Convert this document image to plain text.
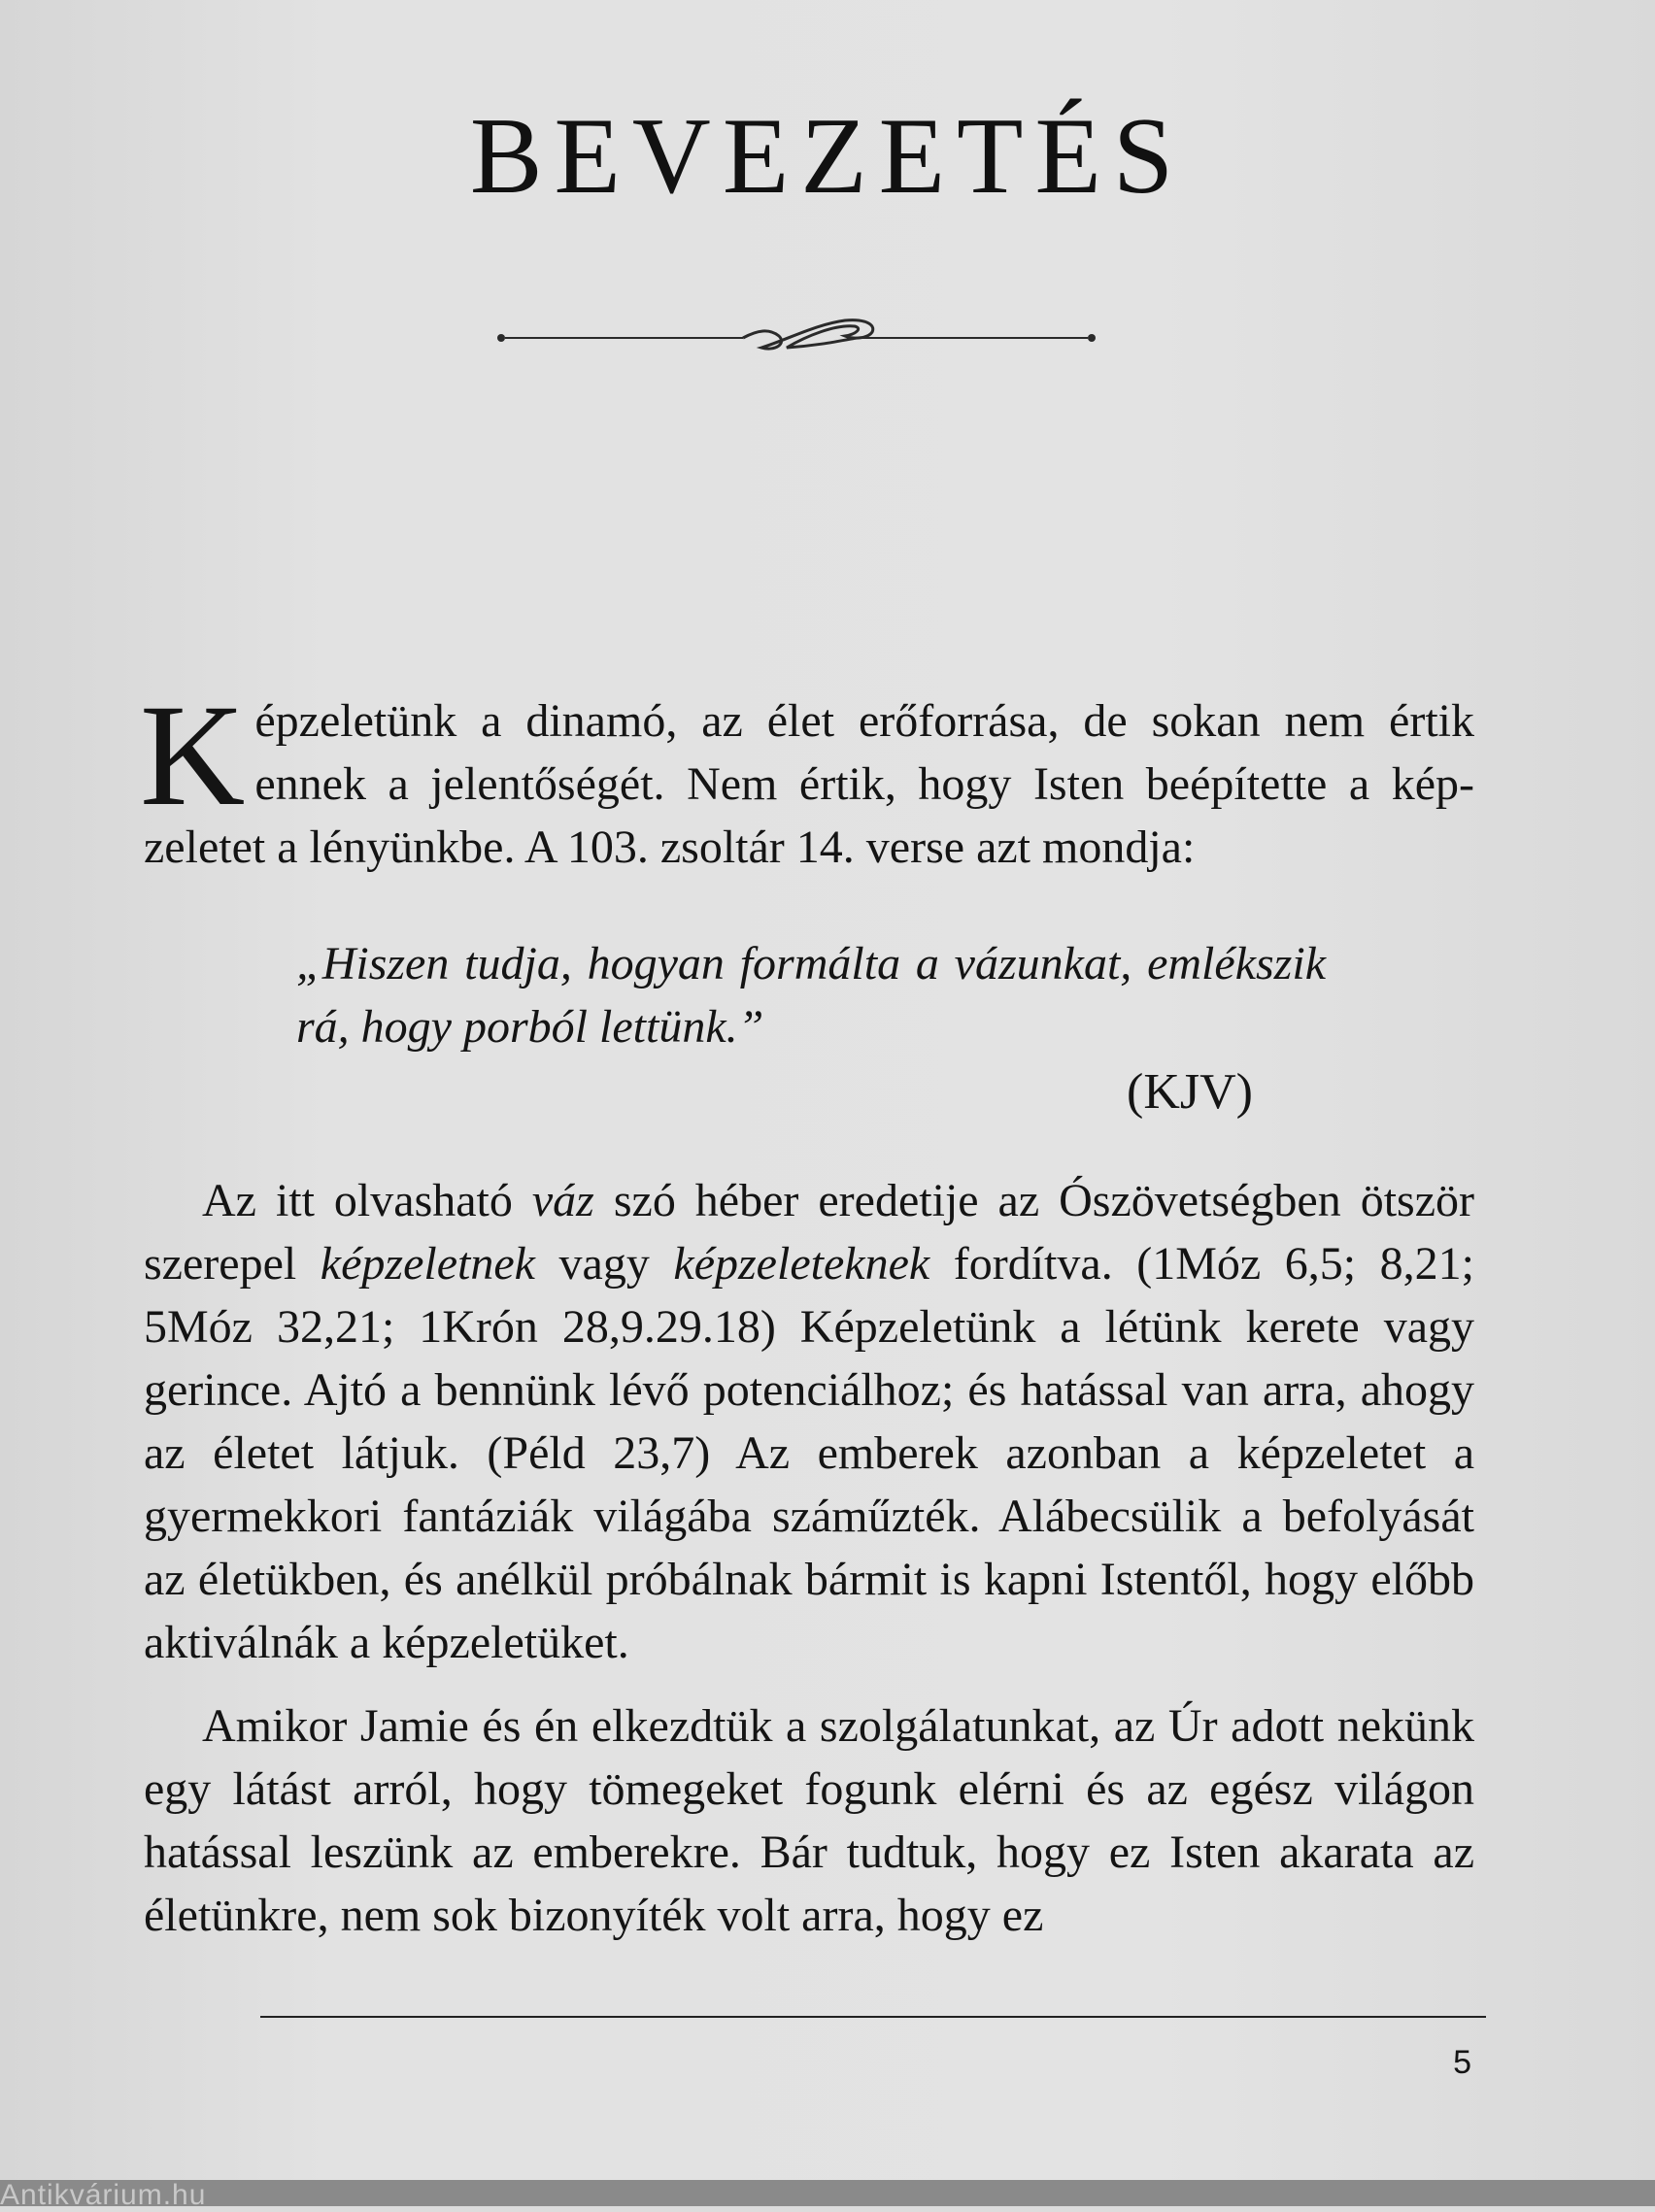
BEVEZETÉS
Képzeletünk a dinamó, az élet erőforrása, de sokan nem értik ennek a jelentőségét. Nem értik, hogy Isten beépítette a képzeletet a lényünkbe. A 103. zsoltár 14. verse azt mondja:
„Hiszen tudja, hogyan formálta a vázunkat, emlékszik rá, hogy porból lettünk.”
(KJV)
Az itt olvasható váz szó héber eredetije az Ószövetségben ötször szerepel képzeletnek vagy képzeleteknek fordítva. (1Móz 6,5; 8,21; 5Móz 32,21; 1Krón 28,9.29.18) Képzeletünk a létünk kerete vagy gerince. Ajtó a bennünk lévő potenciálhoz; és hatással van arra, ahogy az életet látjuk. (Péld 23,7) Az emberek azonban a képzeletet a gyermekkori fantáziák világába száműzték. Alábecsülik a befolyását az életükben, és anélkül próbálnak bármit is kapni Istentől, hogy előbb aktiválnák a képzeletüket.
Amikor Jamie és én elkezdtük a szolgálatunkat, az Úr adott nekünk egy látást arról, hogy tömegeket fogunk elérni és az egész világon hatással leszünk az emberekre. Bár tudtuk, hogy ez Isten akarata az életünkre, nem sok bizonyíték volt arra, hogy ez
5
Antikvárium.hu
